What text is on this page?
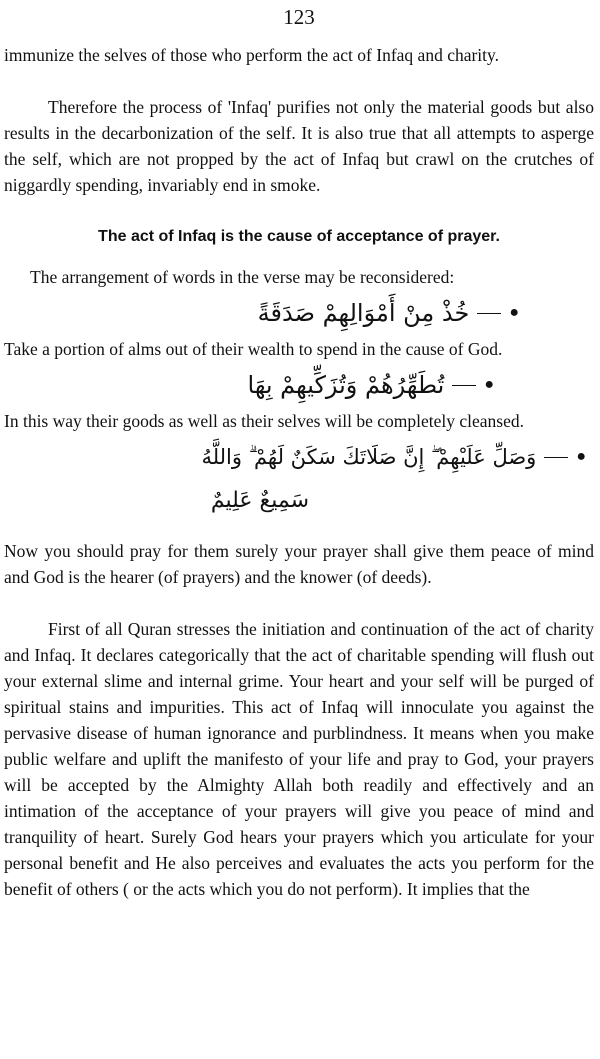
123

immunize the selves of those who perform the act of Infaq and charity.

Therefore the process of 'Infaq' purifies not only the material goods but also results in the decarbonization of the self. It is also true that all attempts to asperge the self, which are not propped by the act of Infaq but crawl on the crutches of niggardly spending, invariably end in smoke.

The act of Infaq is the cause of acceptance of prayer.

The arrangement of words in the verse may be reconsidered:

خُذْ مِنْ أَمْوَالِهِمْ صَدَقَةً	●

Take a portion of alms out of their wealth to spend in the cause of God.

تُطَهِّرُهُمْ وَتُزَكِّيهِمْ بِهَا	●

In this way their goods as well as their selves will be completely cleansed.

وَصَلِّ عَلَيْهِمْ ۖ إِنَّ صَلَاتَكَ سَكَنٌ لَهُمْ ۗ وَاللَّهُ	●
سَمِيعٌ عَلِيمٌ

Now you should pray for them surely your prayer shall give them peace of mind and God is the hearer (of prayers) and the knower (of deeds).

First of all Quran stresses the initiation and continuation of the act of charity and Infaq. It declares categorically that the act of charitable spending will flush out your external slime and internal grime. Your heart and your self will be purged of spiritual stains and impurities. This act of Infaq will innoculate you against the pervasive disease of human ignorance and purblindness. It means when you make public welfare and uplift the manifesto of your life and pray to God, your prayers will be accepted by the Almighty Allah both readily and effectively and an intimation of the acceptance of your prayers will give you peace of mind and tranquility of heart. Surely God hears your prayers which you articulate for your personal benefit and He also perceives and evaluates the acts you perform for the benefit of others ( or the acts which you do not perform). It implies that the
